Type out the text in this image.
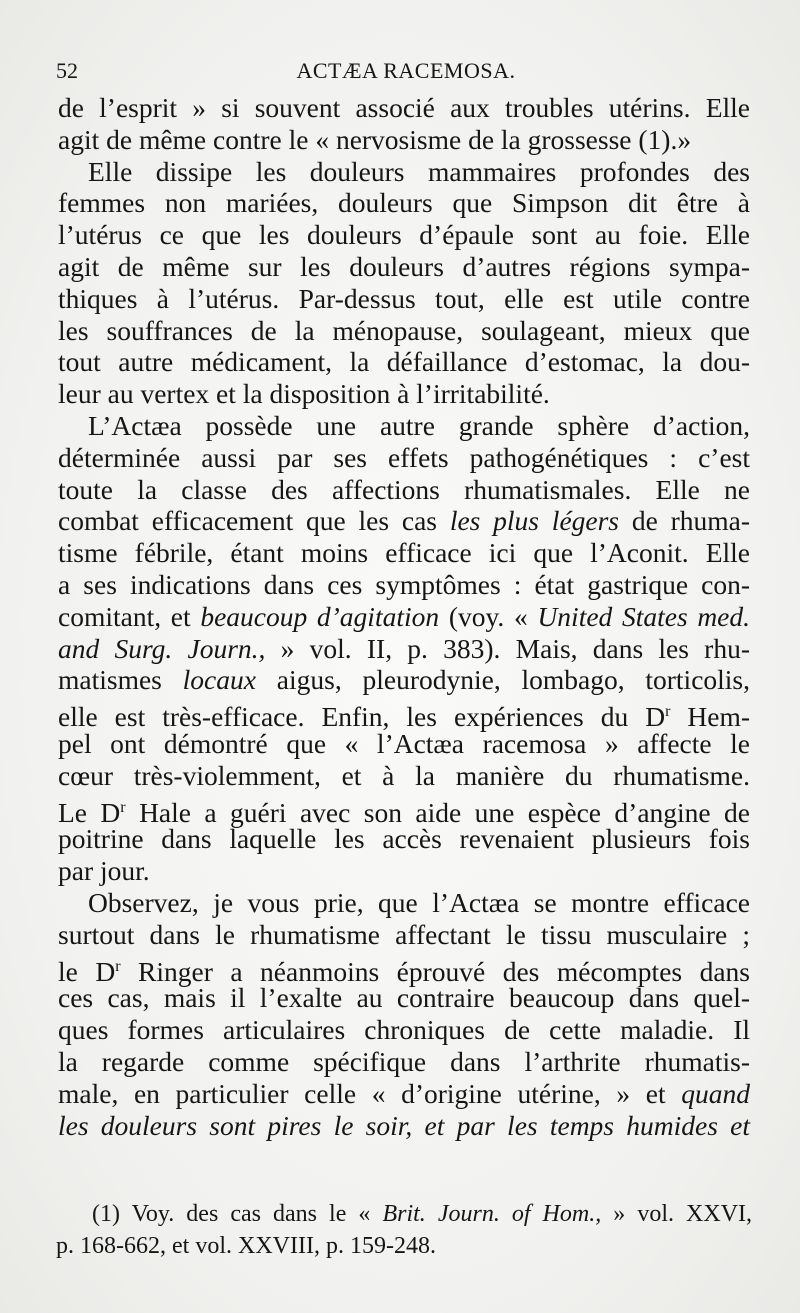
52	ACTÆA RACEMOSA.
de l’esprit » si souvent associé aux troubles utérins. Elle
agit de même contre le « nervosisme de la grossesse (1).»
Elle dissipe les douleurs mammaires profondes des
femmes non mariées, douleurs que Simpson dit être à
l’utérus ce que les douleurs d’épaule sont au foie. Elle
agit de même sur les douleurs d’autres régions sympa-
thiques à l’utérus. Par-dessus tout, elle est utile contre
les souffrances de la ménopause, soulageant, mieux que
tout autre médicament, la défaillance d’estomac, la dou-
leur au vertex et la disposition à l’irritabilité.
L’Actæa possède une autre grande sphère d’action,
déterminée aussi par ses effets pathogénétiques : c’est
toute la classe des affections rhumatismales. Elle ne
combat efficacement que les cas les plus légers de rhuma-
tisme fébrile, étant moins efficace ici que l’Aconit. Elle
a ses indications dans ces symptômes : état gastrique con-
comitant, et beaucoup d’agitation (voy. « United States med.
and Surg. Journ., » vol. II, p. 383). Mais, dans les rhu-
matismes locaux aigus, pleurodynie, lombago, torticolis,
elle est très-efficace. Enfin, les expériences du $D^r$ Hem-
pel ont démontré que « l’Actæa racemosa » affecte le
cœur très-violemment, et à la manière du rhumatisme.
Le $D^r$ Hale a guéri avec son aide une espèce d’angine de
poitrine dans laquelle les accès revenaient plusieurs fois
par jour.
Observez, je vous prie, que l’Actæa se montre efficace
surtout dans le rhumatisme affectant le tissu musculaire ;
le $D^r$ Ringer a néanmoins éprouvé des mécomptes dans
ces cas, mais il l’exalte au contraire beaucoup dans quel-
ques formes articulaires chroniques de cette maladie. Il
la regarde comme spécifique dans l’arthrite rhumatis-
male, en particulier celle « d’origine utérine, » et quand
les douleurs sont pires le soir, et par les temps humides et
(1) Voy. des cas dans le « Brit. Journ. of Hom., » vol. XXVI,
p. 168-662, et vol. XXVIII, p. 159-248.
